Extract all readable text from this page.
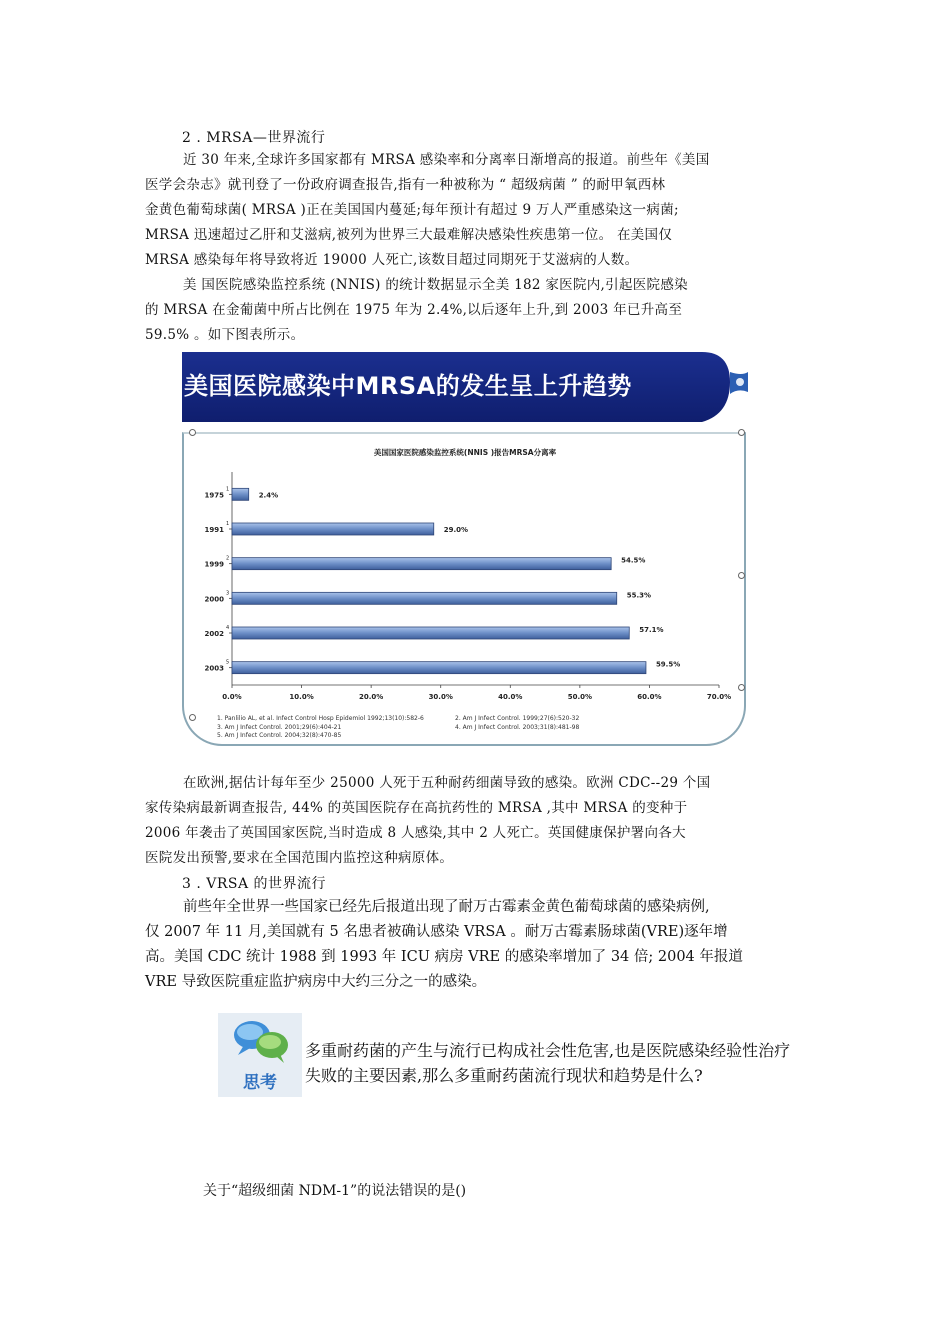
2 . MRSA—世界流行
近 30 年来,全球许多国家都有 MRSA 感染率和分离率日渐增高的报道。前些年《美国
医学会杂志》就刊登了一份政府调查报告,指有一种被称为 “ 超级病菌 ” 的耐甲氧西林
金黄色葡萄球菌( MRSA )正在美国国内蔓延;每年预计有超过 9 万人严重感染这一病菌;
MRSA 迅速超过乙肝和艾滋病,被列为世界三大最难解决感染性疾患第一位。 在美国仅
MRSA 感染每年将导致将近 19000 人死亡,该数目超过同期死于艾滋病的人数。
美 国医院感染监控系统 (NNIS) 的统计数据显示全美 182 家医院内,引起医院感染
的 MRSA 在金葡菌中所占比例在 1975 年为 2.4%,以后逐年上升,到 2003 年已升高至
59.5% 。如下图表所示。
美国医院感染中MRSA的发生呈上升趋势
美国国家医院感染监控系统(NNIS )报告MRSA分离率
0.0%	10.0%	20.0%	30.0%	40.0%	50.0%	60.0%	70.0%
1975
1
2.4%
1991
1
29.0%
1999
2	54.5%
2000
3	55.3%
2002
4	57.1%
2003
5	59.5%
1. Panlilio AL, et al. Infect Control Hosp Epidemiol 1992;13(10):582-6	2. Am J Infect Control. 1999;27(6):520-32
3. Am J Infect Control. 2001;29(6):404-21	4. Am J Infect Control. 2003;31(8):481-98
5. Am J Infect Control. 2004;32(8):470-85
在欧洲,据估计每年至少 25000 人死于五种耐药细菌导致的感染。欧洲 CDC--29 个国
家传染病最新调查报告, 44% 的英国医院存在高抗药性的 MRSA ,其中 MRSA 的变种于
2006 年袭击了英国国家医院,当时造成 8 人感染,其中 2 人死亡。英国健康保护署向各大
医院发出预警,要求在全国范围内监控这种病原体。
3 . VRSA 的世界流行
前些年全世界一些国家已经先后报道出现了耐万古霉素金黄色葡萄球菌的感染病例,
仅 2007 年 11 月,美国就有 5 名患者被确认感染 VRSA 。耐万古霉素肠球菌(VRE)逐年增
高。美国 CDC 统计 1988 到 1993 年 ICU 病房 VRE 的感染率增加了 34 倍; 2004 年报道
VRE 导致医院重症监护病房中大约三分之一的感染。
思考
多重耐药菌的产生与流行已构成社会性危害,也是医院感染经验性治疗
失败的主要因素,那么多重耐药菌流行现状和趋势是什么?
关于“超级细菌 NDM-1”的说法错误的是()
